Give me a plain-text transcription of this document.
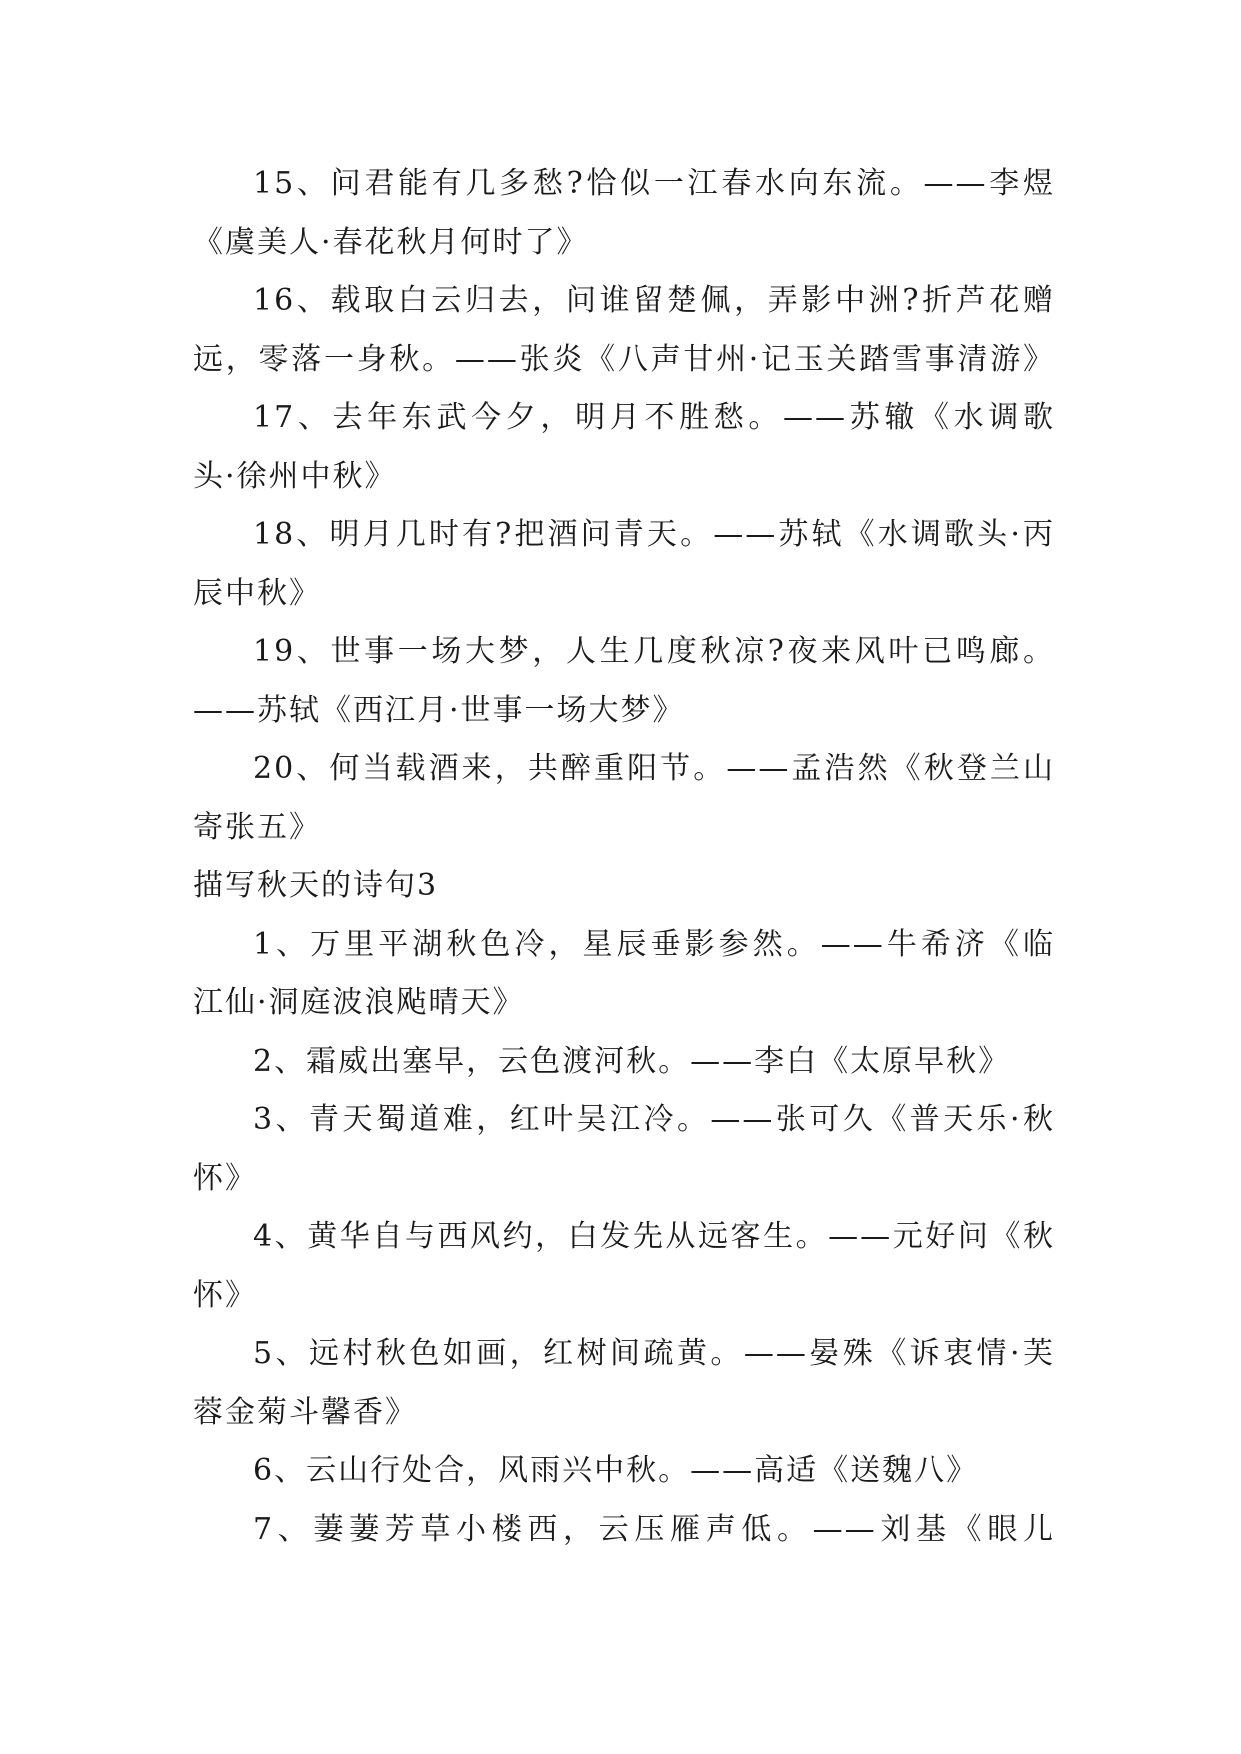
15、问君能有几多愁?恰似一江春水向东流。——李煜
《虞美人·春花秋月何时了》
16、载取白云归去，问谁留楚佩，弄影中洲?折芦花赠
远，零落一身秋。——张炎《八声甘州·记玉关踏雪事清游》
17、去年东武今夕，明月不胜愁。——苏辙《水调歌
头·徐州中秋》
18、明月几时有?把酒问青天。——苏轼《水调歌头·丙
辰中秋》
19、世事一场大梦，人生几度秋凉?夜来风叶已鸣廊。
——苏轼《西江月·世事一场大梦》
20、何当载酒来，共醉重阳节。——孟浩然《秋登兰山
寄张五》
描写秋天的诗句3
1、万里平湖秋色冷，星辰垂影参然。——牛希济《临
江仙·洞庭波浪飐晴天》
2、霜威出塞早，云色渡河秋。——李白《太原早秋》
3、青天蜀道难，红叶吴江冷。——张可久《普天乐·秋
怀》
4、黄华自与西风约，白发先从远客生。——元好问《秋
怀》
5、远村秋色如画，红树间疏黄。——晏殊《诉衷情·芙
蓉金菊斗馨香》
6、云山行处合，风雨兴中秋。——高适《送魏八》
7、萋萋芳草小楼西，云压雁声低。——刘基《眼儿
